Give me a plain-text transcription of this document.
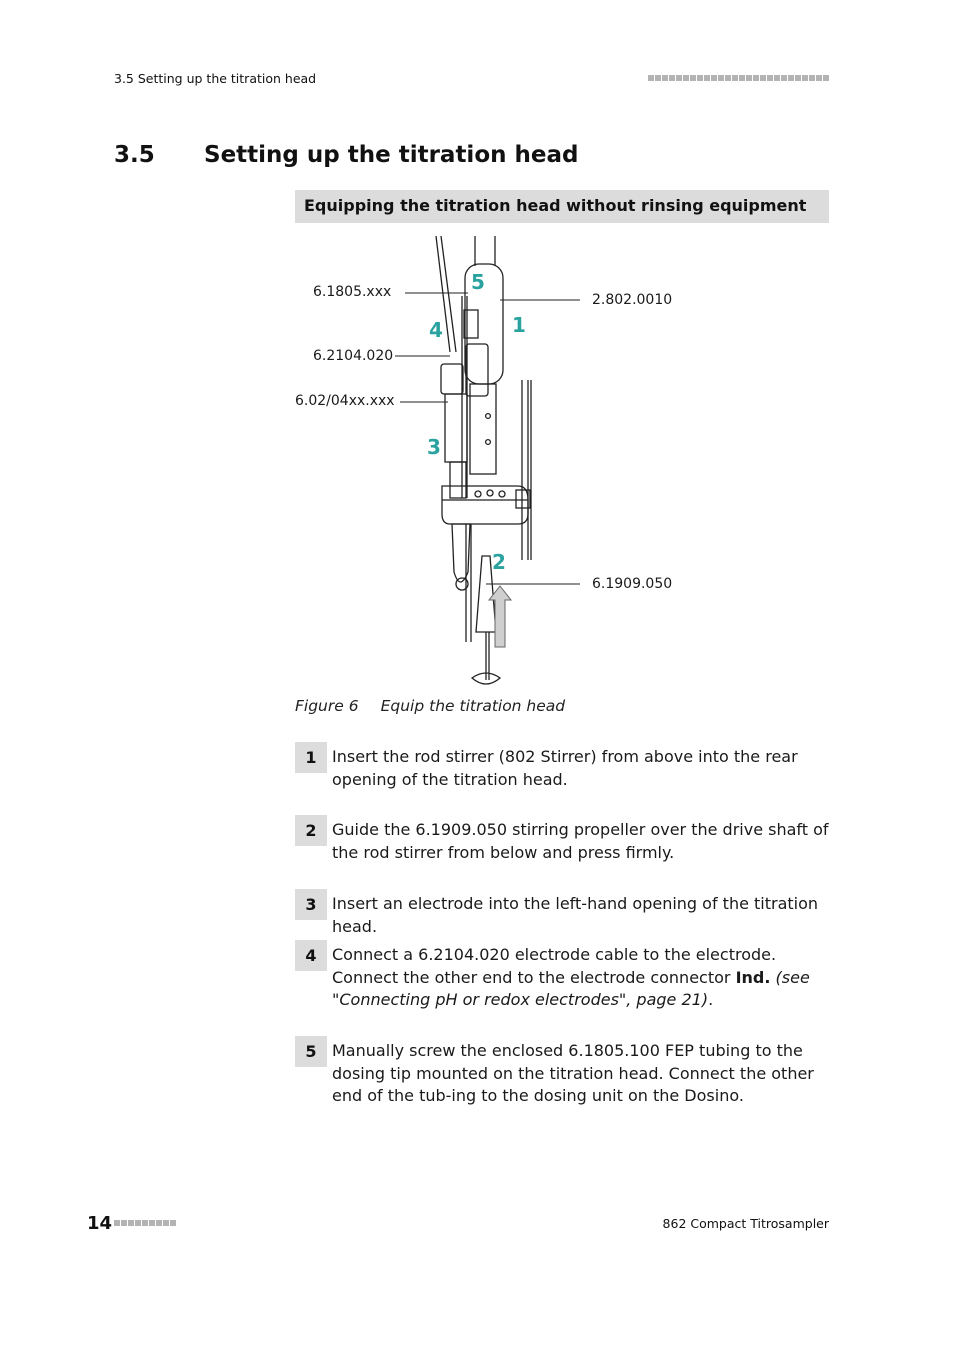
3.5 Setting up the titration head
3.5 Setting up the titration head
Equipping the titration head without rinsing equipment
6.1805.xxx
6.2104.020
6.02/04xx.xxx
2.802.0010
6.1909.050
1
2
3
4
5
Figure 6 Equip the titration head
1 Insert the rod stirrer (802 Stirrer) from above into the rear opening of the titration head.
2 Guide the 6.1909.050 stirring propeller over the drive shaft of the rod stirrer from below and press firmly.
3 Insert an electrode into the left-hand opening of the titration head.
4 Connect a 6.2104.020 electrode cable to the electrode. Connect the other end to the electrode connector Ind. (see "Connecting pH or redox electrodes", page 21).
5 Manually screw the enclosed 6.1805.100 FEP tubing to the dosing tip mounted on the titration head. Connect the other end of the tub-ing to the dosing unit on the Dosino.
14	862 Compact Titrosampler
